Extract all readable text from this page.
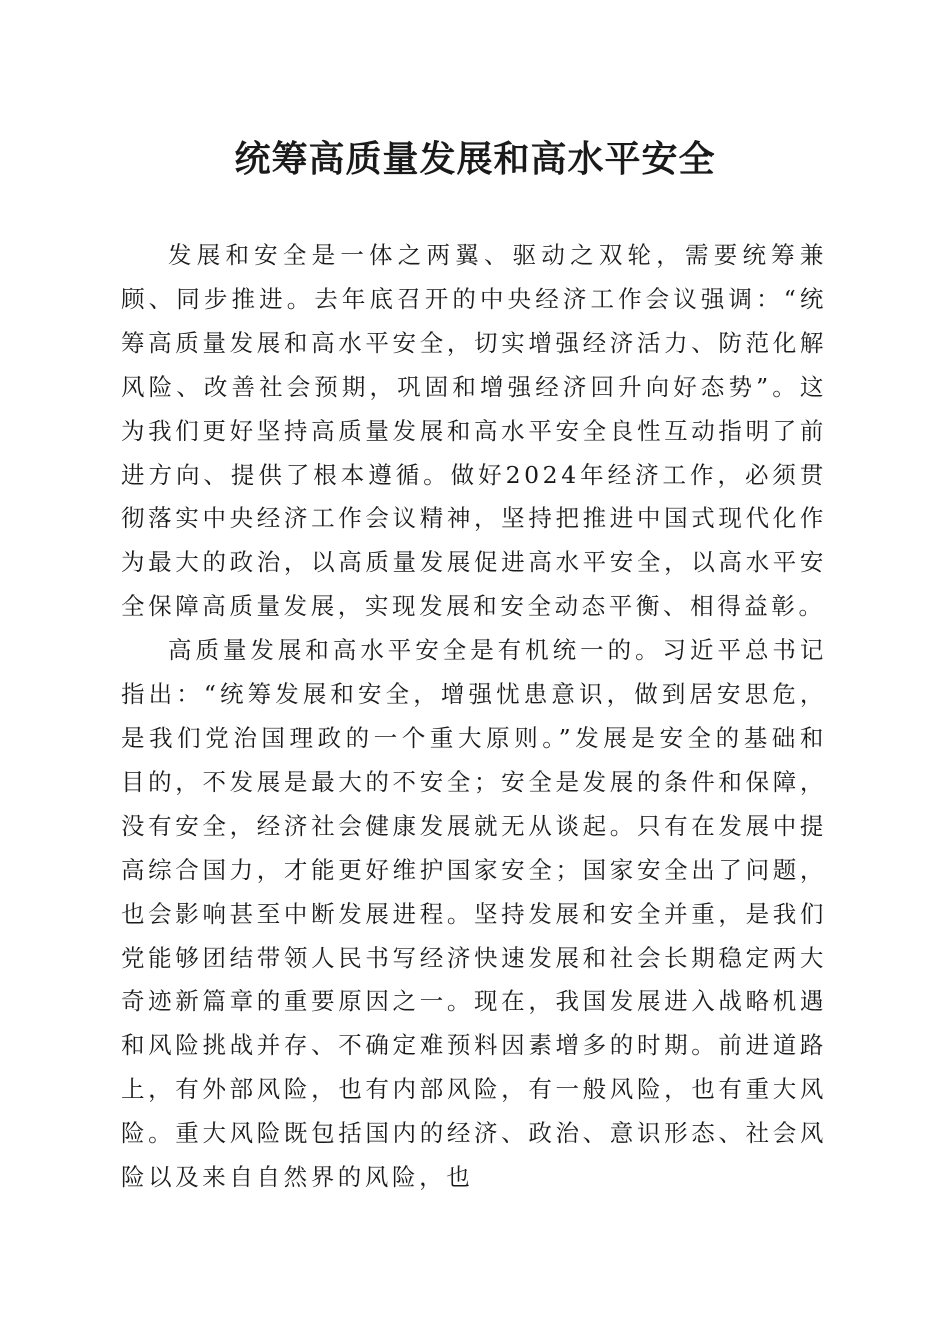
统筹高质量发展和高水平安全

发展和安全是一体之两翼、驱动之双轮，需要统筹兼顾、同步推进。去年底召开的中央经济工作会议强调：“统筹高质量发展和高水平安全，切实增强经济活力、防范化解风险、改善社会预期，巩固和增强经济回升向好态势”。这为我们更好坚持高质量发展和高水平安全良性互动指明了前进方向、提供了根本遵循。做好2024年经济工作，必须贯彻落实中央经济工作会议精神，坚持把推进中国式现代化作为最大的政治，以高质量发展促进高水平安全，以高水平安全保障高质量发展，实现发展和安全动态平衡、相得益彰。

高质量发展和高水平安全是有机统一的。习近平总书记指出：“统筹发展和安全，增强忧患意识，做到居安思危，是我们党治国理政的一个重大原则。”发展是安全的基础和目的，不发展是最大的不安全；安全是发展的条件和保障，没有安全，经济社会健康发展就无从谈起。只有在发展中提高综合国力，才能更好维护国家安全；国家安全出了问题，也会影响甚至中断发展进程。坚持发展和安全并重，是我们党能够团结带领人民书写经济快速发展和社会长期稳定两大奇迹新篇章的重要原因之一。现在，我国发展进入战略机遇和风险挑战并存、不确定难预料因素增多的时期。前进道路上，有外部风险，也有内部风险，有一般风险，也有重大风险。重大风险既包括国内的经济、政治、意识形态、社会风险以及来自自然界的风险，也
